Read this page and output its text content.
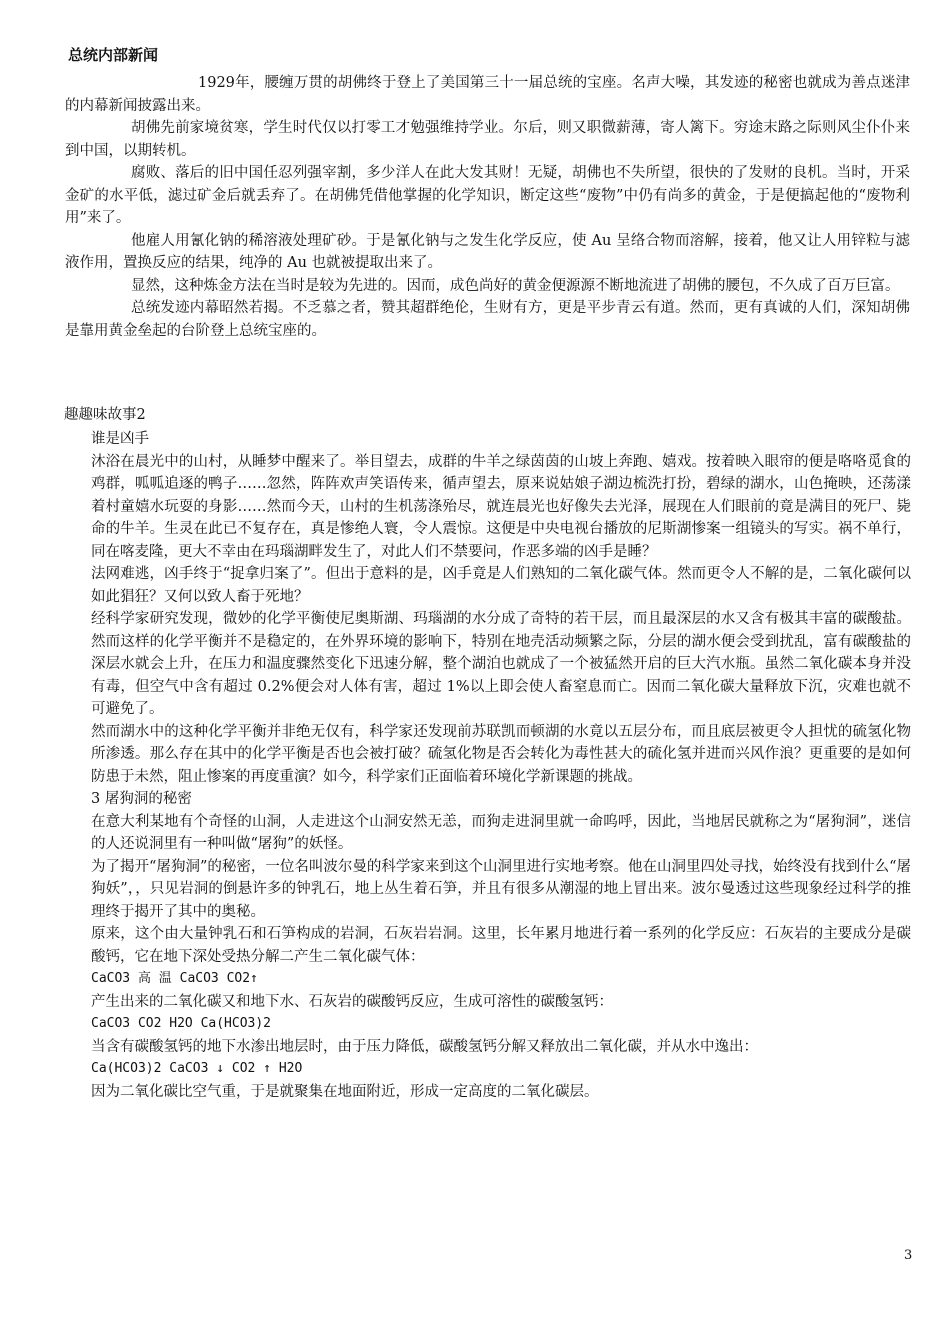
总统内部新闻

1929年，腰缠万贯的胡佛终于登上了美国第三十一届总统的宝座。名声大噪，其发迹的秘密也就成为善点迷津的内幕新闻披露出来。

胡佛先前家境贫寒，学生时代仅以打零工才勉强维持学业。尔后，则又职微薪薄，寄人篱下。穷途末路之际则风尘仆仆来到中国，以期转机。

腐败、落后的旧中国任忍列强宰割，多少洋人在此大发其财！无疑，胡佛也不失所望，很快的了发财的良机。当时，开采金矿的水平低，滤过矿金后就丢弃了。在胡佛凭借他掌握的化学知识，断定这些“废物”中仍有尚多的黄金，于是便搞起他的“废物利用”来了。

他雇人用氰化钠的稀溶液处理矿砂。于是氰化钠与之发生化学反应，使 Au 呈络合物而溶解，接着，他又让人用锌粒与滤液作用，置换反应的结果，纯净的 Au 也就被提取出来了。

显然，这种炼金方法在当时是较为先进的。因而，成色尚好的黄金便源源不断地流进了胡佛的腰包，不久成了百万巨富。

总统发迹内幕昭然若揭。不乏慕之者，赞其超群绝伦，生财有方，更是平步青云有道。然而，更有真诚的人们，深知胡佛是靠用黄金垒起的台阶登上总统宝座的。

趣趣味故事2

谁是凶手

沐浴在晨光中的山村，从睡梦中醒来了。举目望去，成群的牛羊之绿茵茵的山坡上奔跑、嬉戏。按着映入眼帘的便是咯咯觅食的鸡群，呱呱追逐的鸭子……忽然，阵阵欢声笑语传来，循声望去，原来说姑娘子湖边梳洗打扮，碧绿的湖水，山色掩映，还荡漾着村童嬉水玩耍的身影……然而今天，山村的生机荡涤殆尽，就连晨光也好像失去光泽，展现在人们眼前的竟是满目的死尸、毙命的牛羊。生灵在此已不复存在，真是惨绝人寰，令人震惊。这便是中央电视台播放的尼斯湖惨案一组镜头的写实。祸不单行，同在喀麦隆，更大不幸由在玛瑙湖畔发生了，对此人们不禁要问，作恶多端的凶手是睡？

法网难逃，凶手终于“捉拿归案了”。但出于意料的是，凶手竟是人们熟知的二氧化碳气体。然而更令人不解的是，二氧化碳何以如此猖狂？又何以致人畜于死地？

经科学家研究发现，微妙的化学平衡使尼奥斯湖、玛瑙湖的水分成了奇特的若干层，而且最深层的水又含有极其丰富的碳酸盐。然而这样的化学平衡并不是稳定的，在外界环境的影响下，特别在地壳活动频繁之际，分层的湖水便会受到扰乱，富有碳酸盐的深层水就会上升，在压力和温度骤然变化下迅速分解，整个湖泊也就成了一个被猛然开启的巨大汽水瓶。虽然二氧化碳本身并没有毒，但空气中含有超过 0.2%便会对人体有害，超过 1%以上即会使人畜窒息而亡。因而二氧化碳大量释放下沉，灾难也就不可避免了。

然而湖水中的这种化学平衡并非绝无仅有，科学家还发现前苏联凯而顿湖的水竟以五层分布，而且底层被更令人担忧的硫氢化物所渗透。那么存在其中的化学平衡是否也会被打破？硫氢化物是否会转化为毒性甚大的硫化氢并进而兴风作浪？更重要的是如何防患于未然，阻止惨案的再度重演？如今，科学家们正面临着环境化学新课题的挑战。

3 屠狗洞的秘密

在意大利某地有个奇怪的山洞，人走进这个山洞安然无恙，而狗走进洞里就一命呜呼，因此，当地居民就称之为“屠狗洞”，迷信的人还说洞里有一种叫做“屠狗”的妖怪。

为了揭开“屠狗洞”的秘密，一位名叫波尔曼的科学家来到这个山洞里进行实地考察。他在山洞里四处寻找，始终没有找到什么“屠狗妖”，，只见岩洞的倒悬许多的钟乳石，地上丛生着石笋，并且有很多从潮湿的地上冒出来。波尔曼透过这些现象经过科学的推理终于揭开了其中的奥秘。

原来，这个由大量钟乳石和石笋构成的岩洞，石灰岩岩洞。这里，长年累月地进行着一系列的化学反应：石灰岩的主要成分是碳酸钙，它在地下深处受热分解二产生二氧化碳气体：

CaCO3 高 温 CaCO3 CO2↑

产生出来的二氧化碳又和地下水、石灰岩的碳酸钙反应，生成可溶性的碳酸氢钙：

CaCO3 CO2 H2O Ca(HCO3)2

当含有碳酸氢钙的地下水渗出地层时，由于压力降低，碳酸氢钙分解又释放出二氧化碳，并从水中逸出：

Ca(HCO3)2 CaCO3 ↓ CO2 ↑ H2O

因为二氧化碳比空气重，于是就聚集在地面附近，形成一定高度的二氧化碳层。

3
